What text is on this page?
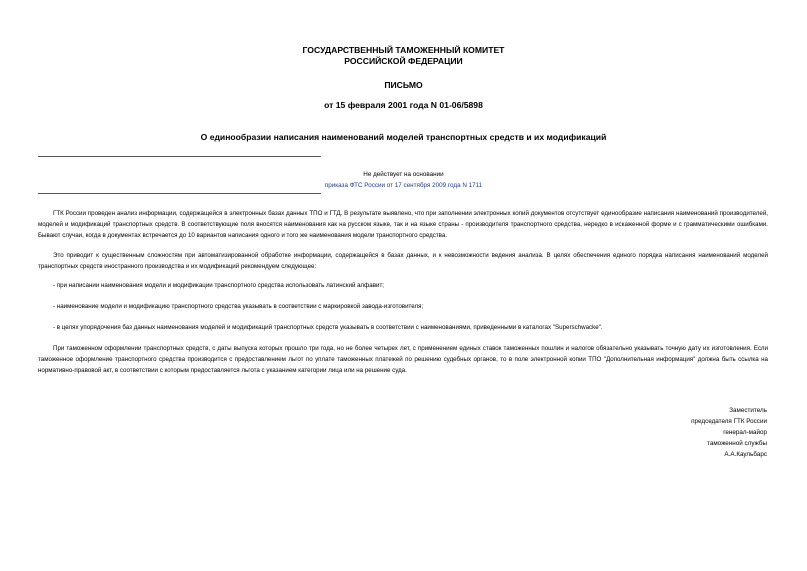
ГОСУДАРСТВЕННЫЙ ТАМОЖЕННЫЙ КОМИТЕТ
РОССИЙСКОЙ ФЕДЕРАЦИИ
ПИСЬМО
от 15 февраля 2001 года N 01-06/5898
О единообразии написания наименований моделей транспортных средств и их модификаций
Не действует на основании
приказа ФТС России от 17 сентября 2009 года N 1711

ГТК России проведен анализ информации, содержащейся в электронных базах данных ТПО и ГТД. В результате выявлено, что при заполнении электронных копий документов отсутствует единообразие написания наименований производителей, моделей и модификаций транспортных средств. В соответствующие поля вносятся наименования как на русском языке, так и на языке страны - производителя транспортного средства, нередко в искаженной форме и с грамматическими ошибками. Бывают случаи, когда в документах встречается до 10 вариантов написания одного и того же наименования модели транспортного средства.

Это приводит к существенным сложностям при автоматизированной обработке информации, содержащейся в базах данных, и к невозможности ведения анализа. В целях обеспечения единого порядка написания наименований моделей транспортных средств иностранного производства и их модификаций рекомендуем следующее:

- при написании наименования модели и модификации транспортного средства использовать латинский алфавит;

- наименование модели и модификацию транспортного средства указывать в соответствии с маркировкой завода-изготовителя;

- в целях упорядочения баз данных наименования моделей и модификаций транспортных средств указывать в соответствии с наименованиями, приведенными в каталогах "Superschwacke".

При таможенном оформлении транспортных средств, с даты выпуска которых прошло три года, но не более четырех лет, с применением единых ставок таможенных пошлин и налогов обязательно указывать точную дату их изготовления. Если таможенное оформление транспортного средства производится с предоставлением льгот по уплате таможенных платежей по решению судебных органов, то в поле электронной копии ТПО "Дополнительная информация" должна быть ссылка на нормативно-правовой акт, в соответствии с которым предоставляется льгота с указанием категории лица или на решение суда.

Заместитель
председателя ГТК России
генерал-майор
таможенной службы
А.А.Каульбарс
